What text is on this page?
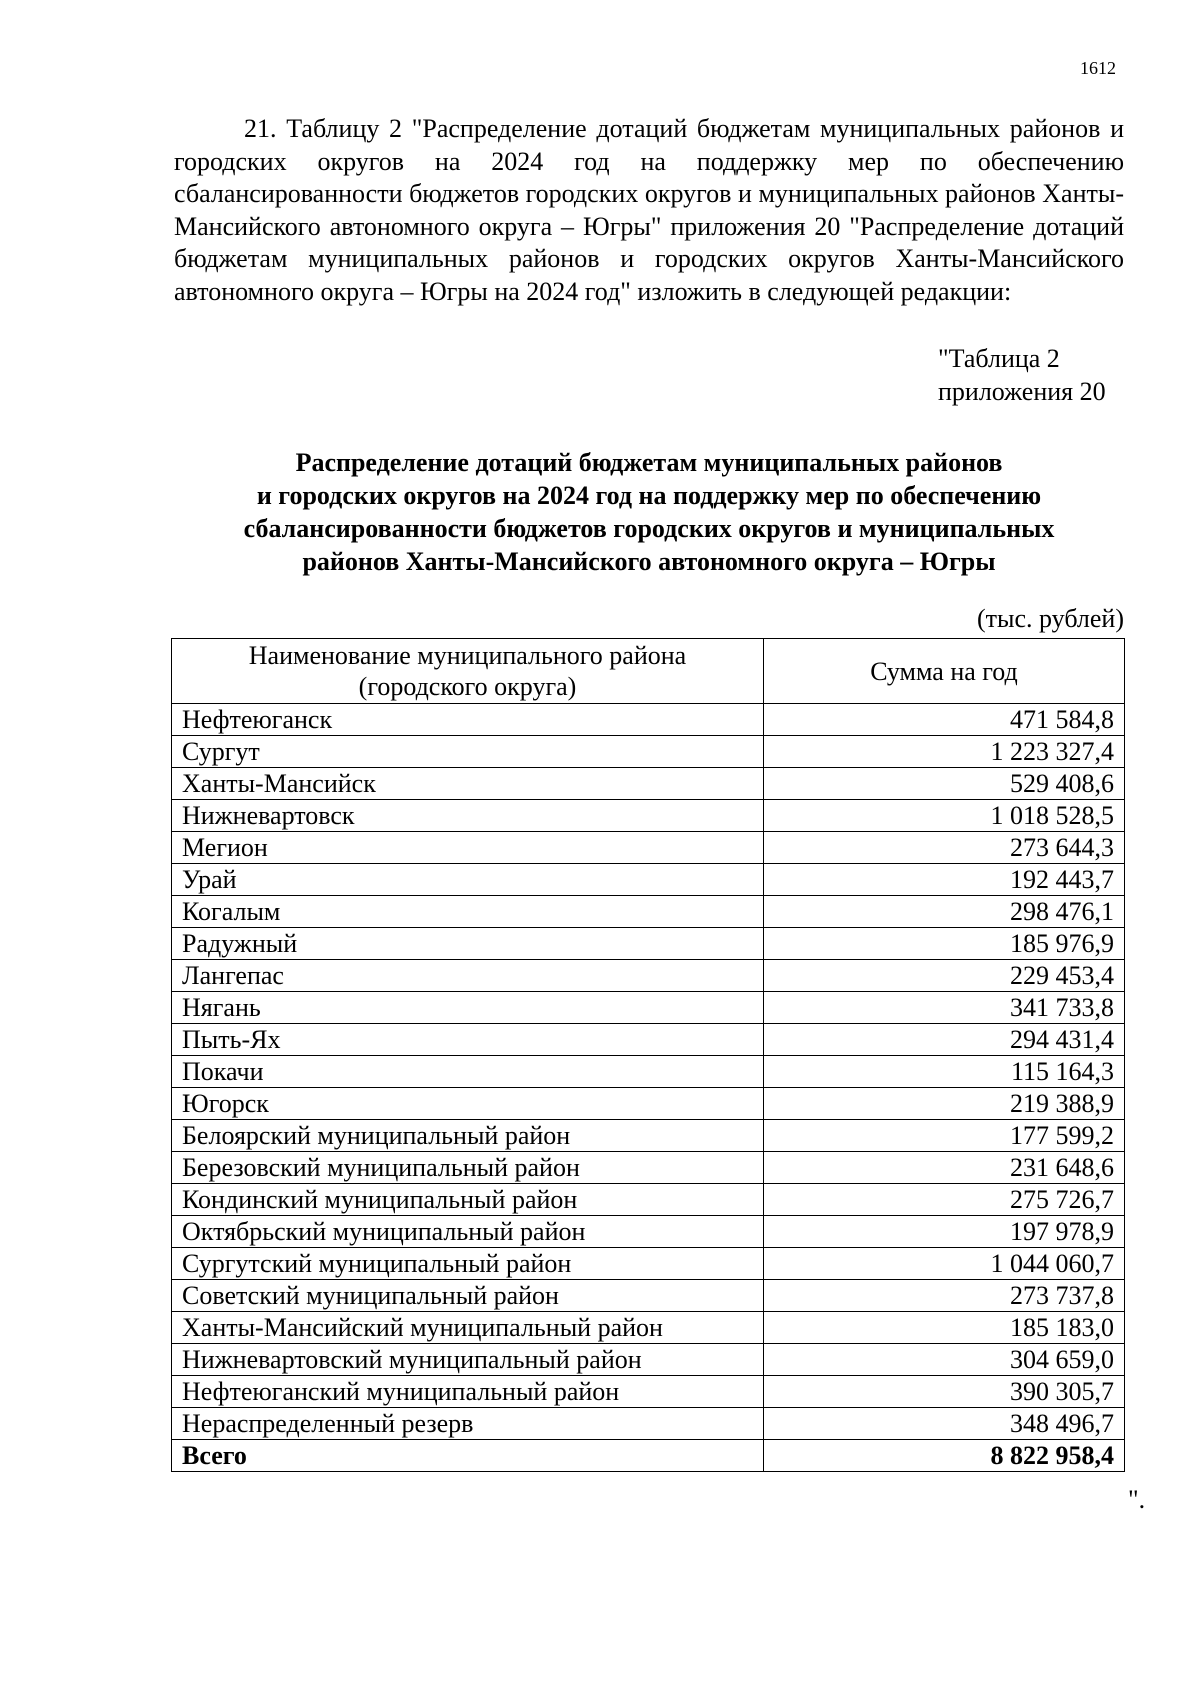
1612

21. Таблицу 2 "Распределение дотаций бюджетам муниципальных районов и городских округов на 2024 год на поддержку мер по обеспечению сбалансированности бюджетов городских округов и муниципальных районов Ханты-Мансийского автономного округа – Югры" приложения 20 "Распределение дотаций бюджетам муниципальных районов и городских округов Ханты-Мансийского автономного округа – Югры на 2024 год" изложить в следующей редакции:

"Таблица 2
приложения 20
Распределение дотаций бюджетам муниципальных районов
и городских округов на 2024 год на поддержку мер по обеспечению
сбалансированности бюджетов городских округов и муниципальных
районов Ханты-Мансийского автономного округа – Югры
(тыс. рублей)
Наименование муниципального района
(городского округа)	Сумма на год
Нефтеюганск	471 584,8
Сургут	1 223 327,4
Ханты-Мансийск	529 408,6
Нижневартовск	1 018 528,5
Мегион	273 644,3
Урай	192 443,7
Когалым	298 476,1
Радужный	185 976,9
Лангепас	229 453,4
Нягань	341 733,8
Пыть-Ях	294 431,4
Покачи	115 164,3
Югорск	219 388,9
Белоярский муниципальный район	177 599,2
Березовский муниципальный район	231 648,6
Кондинский муниципальный район	275 726,7
Октябрьский муниципальный район	197 978,9
Сургутский муниципальный район	1 044 060,7
Советский муниципальный район	273 737,8
Ханты-Мансийский муниципальный район	185 183,0
Нижневартовский муниципальный район	304 659,0
Нефтеюганский муниципальный район	390 305,7
Нераспределенный резерв	348 496,7
Всего	8 822 958,4
".
